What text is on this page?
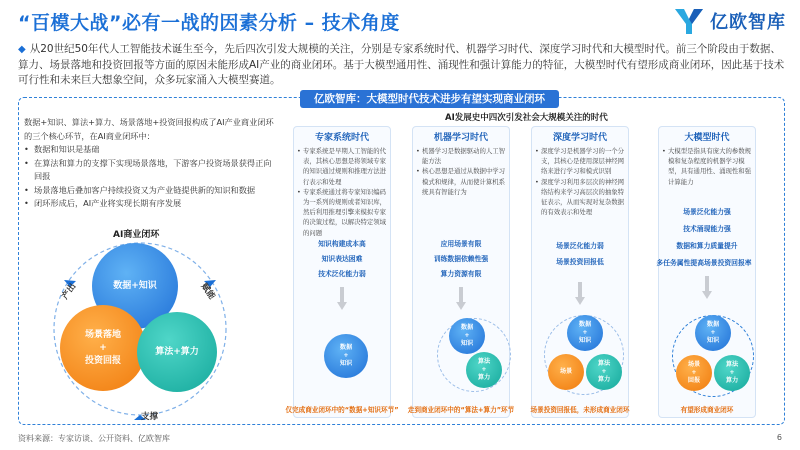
“百模大战”必有一战的因素分析 – 技术角度	亿欧智库
◆ 从20世纪50年代人工智能技术诞生至今，先后四次引发大规模的关注，分别是专家系统时代、机器学习时代、深度学习时代和大模型时代。前三个阶段由于数据、算力、场景落地和投资回报等方面的原因未能形成AI产业的商业闭环。基于大模型通用性、涌现性和强计算能力的特征，大模型时代有望形成商业闭环，因此基于技术可行性和未来巨大想象空间，众多玩家涌入大模型赛道。
亿欧智库：大模型时代技术进步有望实现商业闭环
数据+知识、算法+算力、场景落地+投资回报构成了AI产业商业闭环的三个核心环节，在AI商业闭环中：
• 数据和知识是基础
• 在算法和算力的支撑下实现场景落地，下游客户投资场景获得正向回报
• 场景落地后叠加客户持续投资又为产业链提供新的知识和数据
• 闭环形成后，AI产业将实现长期有序发展
AI商业闭环
数据+知识
场景落地
+
投资回报
算法+算力
产出	赋能
支撑
AI发展史中四次引发社会大规模关注的时代
专家系统时代
• 专家系统是早期人工智能的代表，其核心思想是将领域专家的知识通过规则和推理方法进行表示和处理
• 专家系统通过将专家知识编码为一系列的规则或者知识库，然后利用推理引擎来模拟专家的决策过程，以解决特定领域的问题
知识构建成本高
知识表达困难
技术泛化能力弱
数据
+
知识
仅完成商业闭环中的“数据+知识环节”
机器学习时代
• 机器学习是数据驱动的人工智能方法
• 核心思想是通过从数据中学习模式和规律，从而使计算机系统具有智能行为
应用场景有限
训练数据依赖性强
算力资源有限
数据
+
知识
算法
+
算力
走到商业闭环中的“算法+算力”环节
深度学习时代
• 深度学习是机器学习的一个分支，其核心是使用深层神经网络来进行学习和模式识别
• 深度学习利用多层次的神经网络结构来学习高层次的抽象特征表示，从而实现对复杂数据的有效表示和处理
场景泛化能力弱
场景投资回报低
数据
+
知识
场景
算法
+
算力
场景投资回报低，未形成商业闭环
大模型时代
• 大模型是指具有庞大的参数规模和复杂程度的机器学习模型，具有通用性、涌现性和强计算能力
场景泛化能力强
技术涌现能力强
数据和算力质量提升
多任务属性提高场景投资回报率
数据
+
知识
场景
+
回报
算法
+
算力
有望形成商业闭环
资料来源：专家访谈、公开资料、亿欧智库	6
